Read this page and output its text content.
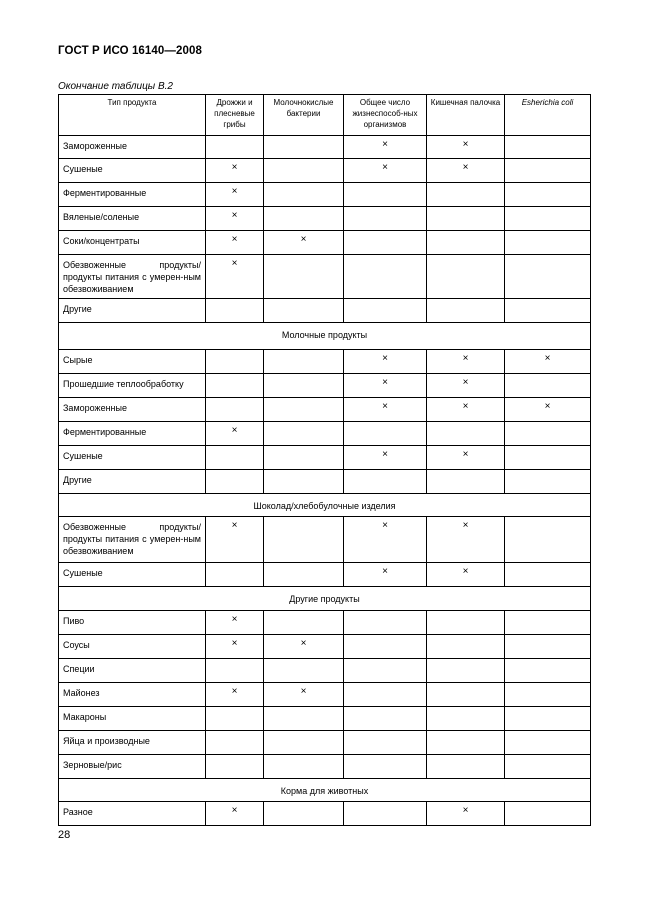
ГОСТ Р ИСО 16140—2008
Окончание таблицы В.2
Тип продукта	Дрожжи и плесневые грибы	Молочнокислые бактерии	Общее число жизнеспособ-ных организмов	Кишечная палочка	Esherichia coli
Замороженные			×	×	
Сушеные	×		×	×	
Ферментированные	×				
Вяленые/соленые	×				
Соки/концентраты	×	×			
Обезвоженные продукты/ продукты питания с умерен-ным обезвоживанием	×				
Другие					
Молочные продукты					
Сырые			×	×	×
Прошедшие теплообработку			×	×	
Замороженные			×	×	×
Ферментированные	×				
Сушеные			×	×	
Другие					
Шоколад/хлебобулочные изделия					
Обезвоженные продукты/ продукты питания с умерен-ным обезвоживанием	×		×	×	
Сушеные			×	×	
Другие продукты					
Пиво	×				
Соусы	×	×			
Специи					
Майонез	×	×			
Макароны					
Яйца и производные					
Зерновые/рис					
Корма для животных					
Разное	×			×	
28
